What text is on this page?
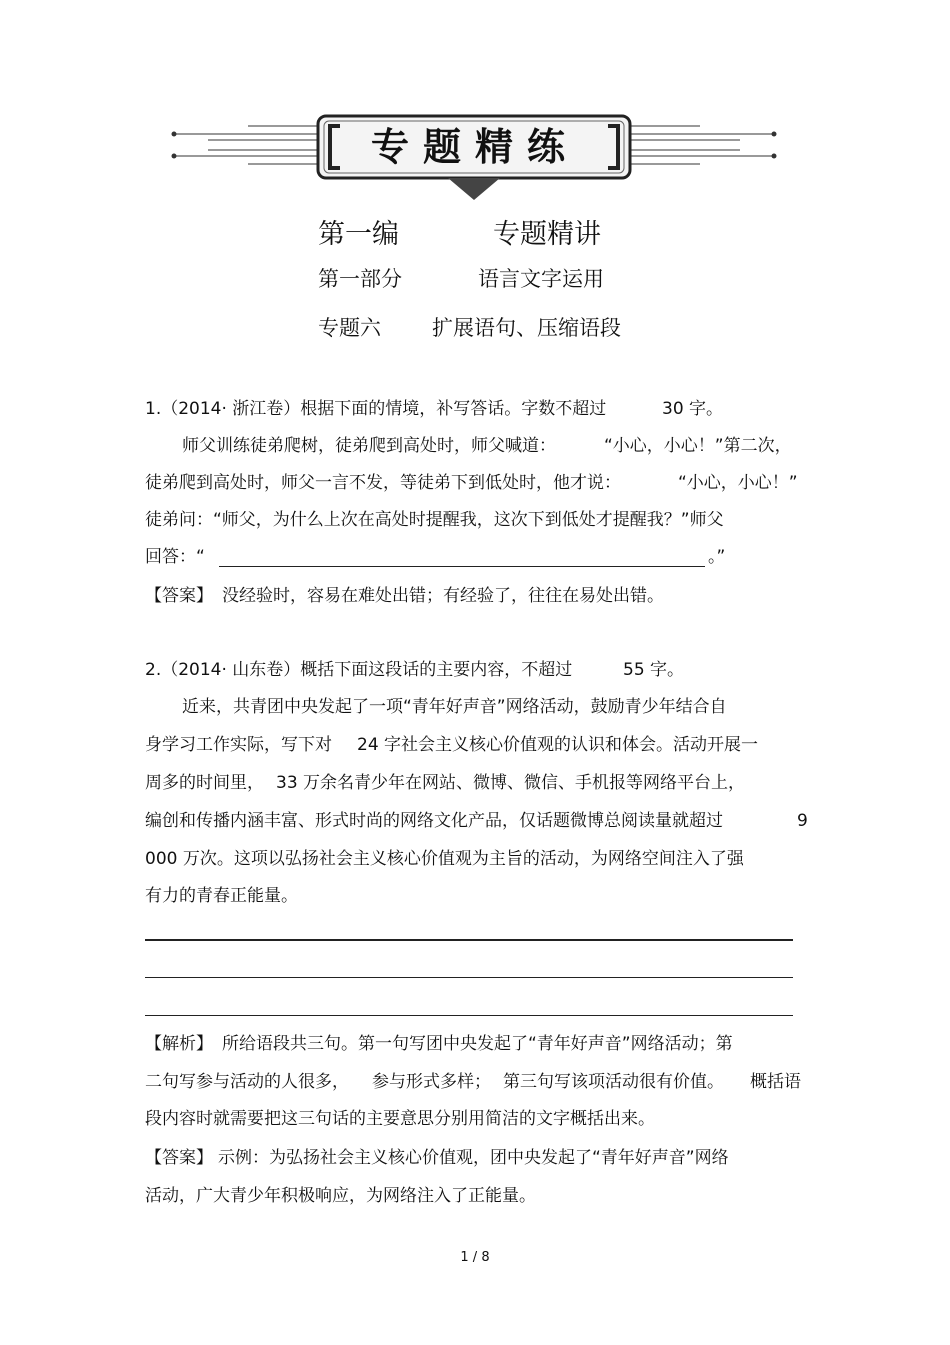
专题精练
第一编	专题精讲
第一部分	语言文字运用
专题六 扩展语句、压缩语段
1.（2014· 浙江卷）根据下面的情境，补写答话。字数不超过	30 字。
师父训练徒弟爬树，徒弟爬到高处时，师父喊道：	“小心，小心！”第二次，
徒弟爬到高处时，师父一言不发，等徒弟下到低处时，他才说：	“小心，小心！”
徒弟问：“师父，为什么上次在高处时提醒我，这次下到低处才提醒我？”师父
回答：“	。”
【答案】 没经验时，容易在难处出错；有经验了，往往在易处出错。
2.（2014· 山东卷）概括下面这段话的主要内容，不超过	55 字。
近来，共青团中央发起了一项“青年好声音”网络活动，鼓励青少年结合自
身学习工作实际，写下对 24 字社会主义核心价值观的认识和体会。活动开展一
周多的时间里， 33 万余名青少年在网站、微博、微信、手机报等网络平台上，
编创和传播内涵丰富、形式时尚的网络文化产品，仅话题微博总阅读量就超过	9
000 万次。这项以弘扬社会主义核心价值观为主旨的活动，为网络空间注入了强
有力的青春正能量。
【解析】 所给语段共三句。第一句写团中央发起了“青年好声音”网络活动；第
二句写参与活动的人很多， 参与形式多样； 第三句写该项活动很有价值。 概括语
段内容时就需要把这三句话的主要意思分别用简洁的文字概括出来。
【答案】 示例：为弘扬社会主义核心价值观，团中央发起了“青年好声音”网络
活动，广大青少年积极响应，为网络注入了正能量。
1 / 8
